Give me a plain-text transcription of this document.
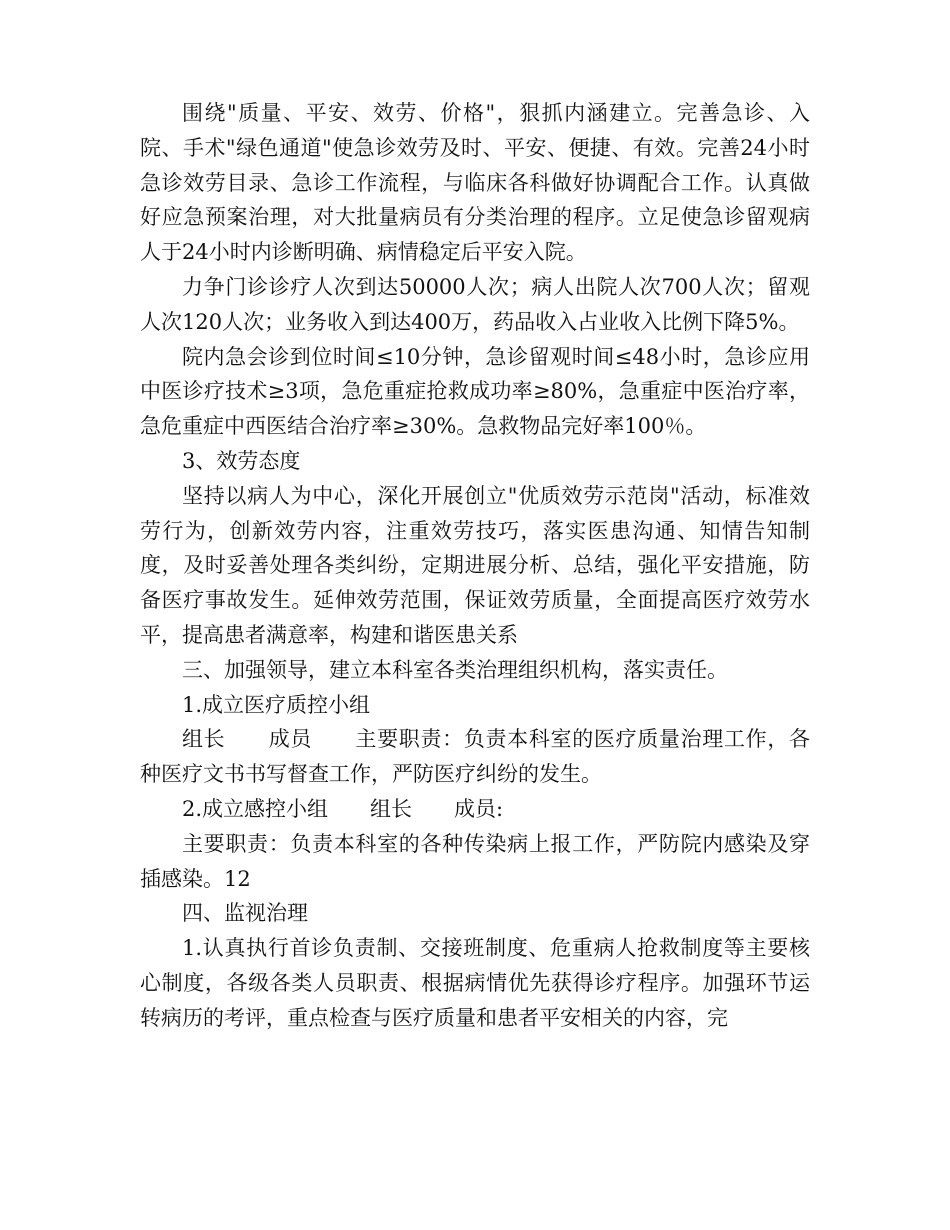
围绕"质量、平安、效劳、价格"，狠抓内涵建立。完善急诊、入院、手术"绿色通道"使急诊效劳及时、平安、便捷、有效。完善24小时急诊效劳目录、急诊工作流程，与临床各科做好协调配合工作。认真做好应急预案治理，对大批量病员有分类治理的程序。立足使急诊留观病人于24小时内诊断明确、病情稳定后平安入院。

力争门诊诊疗人次到达50000人次；病人出院人次700人次；留观人次120人次；业务收入到达400万，药品收入占业收入比例下降5%。

院内急会诊到位时间≤10分钟，急诊留观时间≤48小时，急诊应用中医诊疗技术≥3项，急危重症抢救成功率≥80%，急重症中医治疗率，急危重症中西医结合治疗率≥30%。急救物品完好率100％。

3、效劳态度

坚持以病人为中心，深化开展创立"优质效劳示范岗"活动，标准效劳行为，创新效劳内容，注重效劳技巧，落实医患沟通、知情告知制度，及时妥善处理各类纠纷，定期进展分析、总结，强化平安措施，防备医疗事故发生。延伸效劳范围，保证效劳质量，全面提高医疗效劳水平，提高患者满意率，构建和谐医患关系

三、加强领导，建立本科室各类治理组织机构，落实责任。

1.成立医疗质控小组

组长　　成员　　主要职责：负责本科室的医疗质量治理工作，各种医疗文书书写督查工作，严防医疗纠纷的发生。

2.成立感控小组　　组长　　成员:

主要职责：负责本科室的各种传染病上报工作，严防院内感染及穿插感染。12

四、监视治理

1.认真执行首诊负责制、交接班制度、危重病人抢救制度等主要核心制度，各级各类人员职责、根据病情优先获得诊疗程序。加强环节运转病历的考评，重点检查与医疗质量和患者平安相关的内容，完
